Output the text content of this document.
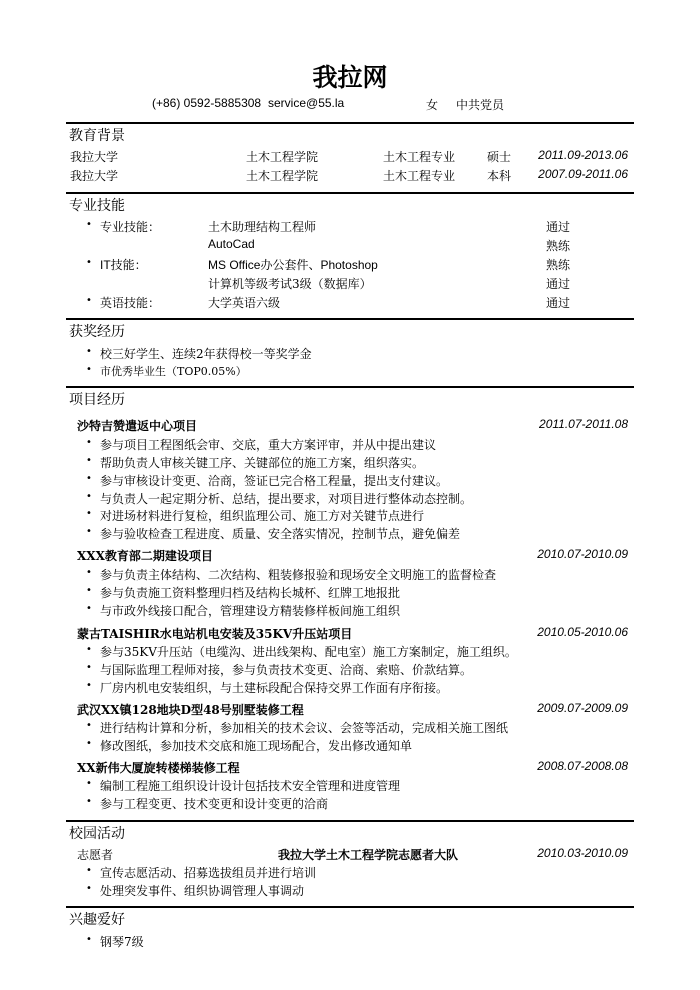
我拉网
(+86) 0592-5885308 service@55.la	女 中共党员
教育背景
我拉大学	土木工程学院	土木工程专业	硕士 2011.09-2013.06
我拉大学	土木工程学院	土木工程专业	本科 2007.09-2011.06
专业技能
• 专业技能：	土木助理结构工程师	通过
AutoCad	熟练
• IT技能：	MS Office办公套件、Photoshop	熟练
计算机等级考试3级（数据库）	通过
• 英语技能：	大学英语六级	通过
获奖经历
• 校三好学生、连续2年获得校一等奖学金
• 市优秀毕业生（TOP0.05%）
项目经历
沙特吉赞遣返中心项目	2011.07-2011.08
• 参与项目工程图纸会审、交底，重大方案评审，并从中提出建议
• 帮助负责人审核关键工序、关键部位的施工方案，组织落实。
• 参与审核设计变更、洽商，签证已完合格工程量，提出支付建议。
• 与负责人一起定期分析、总结，提出要求，对项目进行整体动态控制。
• 对进场材料进行复检，组织监理公司、施工方对关键节点进行
• 参与验收检查工程进度、质量、安全落实情况，控制节点，避免偏差
XXX教育部二期建设项目	2010.07-2010.09
• 参与负责主体结构、二次结构、粗装修报验和现场安全文明施工的监督检查
• 参与负责施工资料整理归档及结构长城杯、红牌工地报批
• 与市政外线接口配合，管理建设方精装修样板间施工组织
蒙古TAISHIR水电站机电安装及35KV升压站项目	2010.05-2010.06
• 参与35KV升压站（电缆沟、进出线架构、配电室）施工方案制定，施工组织。
• 与国际监理工程师对接，参与负责技术变更、洽商、索赔、价款结算。
• 厂房内机电安装组织，与土建标段配合保持交界工作面有序衔接。
武汉XX镇128地块D型48号别墅装修工程	2009.07-2009.09
• 进行结构计算和分析，参加相关的技术会议、会签等活动，完成相关施工图纸
• 修改图纸，参加技术交底和施工现场配合，发出修改通知单
XX新伟大厦旋转楼梯装修工程	2008.07-2008.08
• 编制工程施工组织设计设计包括技术安全管理和进度管理
• 参与工程变更、技术变更和设计变更的洽商
校园活动
志愿者	我拉大学土木工程学院志愿者大队	2010.03-2010.09
• 宣传志愿活动、招募选拔组员并进行培训
• 处理突发事件、组织协调管理人事调动
兴趣爱好
• 钢琴7级
